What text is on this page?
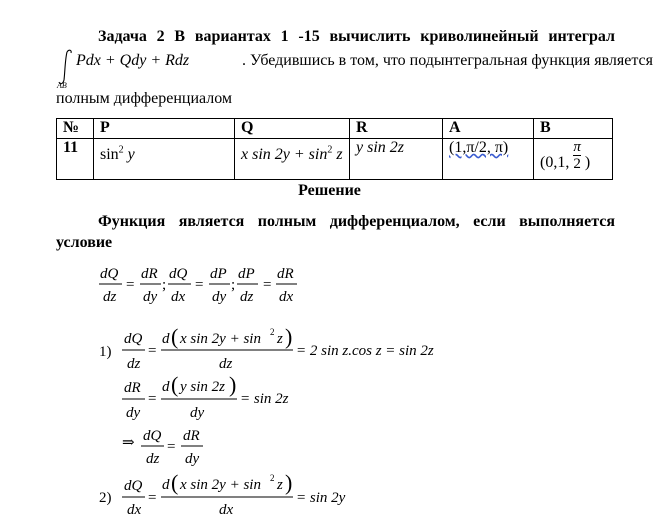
Задача 2 В вариантах 1 -15 вычислить криволинейный интеграл
AB
Pdx + Qdy + Rdz	. Убедившись в том, что подынтегральная функция является
полным дифференциалом
№	P	Q	R	A	B
11	$\sin^2 y$	x $\sin 2y + \sin^2 z$	y sin 2z	(1,π/2, π)	(0,1, $\frac{\pi}{2}$ )
Решение
Функция является полным дифференциалом, если выполняется
условие
dQ
dz
=
dR
dy
;
dQ
dx
=
dP
dy
;
dP
dz
=
dR
dx
1)
dQ
dz
=
d ( x sin 2y + sin 2 z )
dz
= 2 sin z.cos z = sin 2z
dR
dy
=
d ( y sin 2z )
dy
= sin 2z
⇒ dQ
dz
=
dR
dy
2)
dQ
dx
=
d ( x sin 2y + sin 2 z )
dx
= sin 2y
